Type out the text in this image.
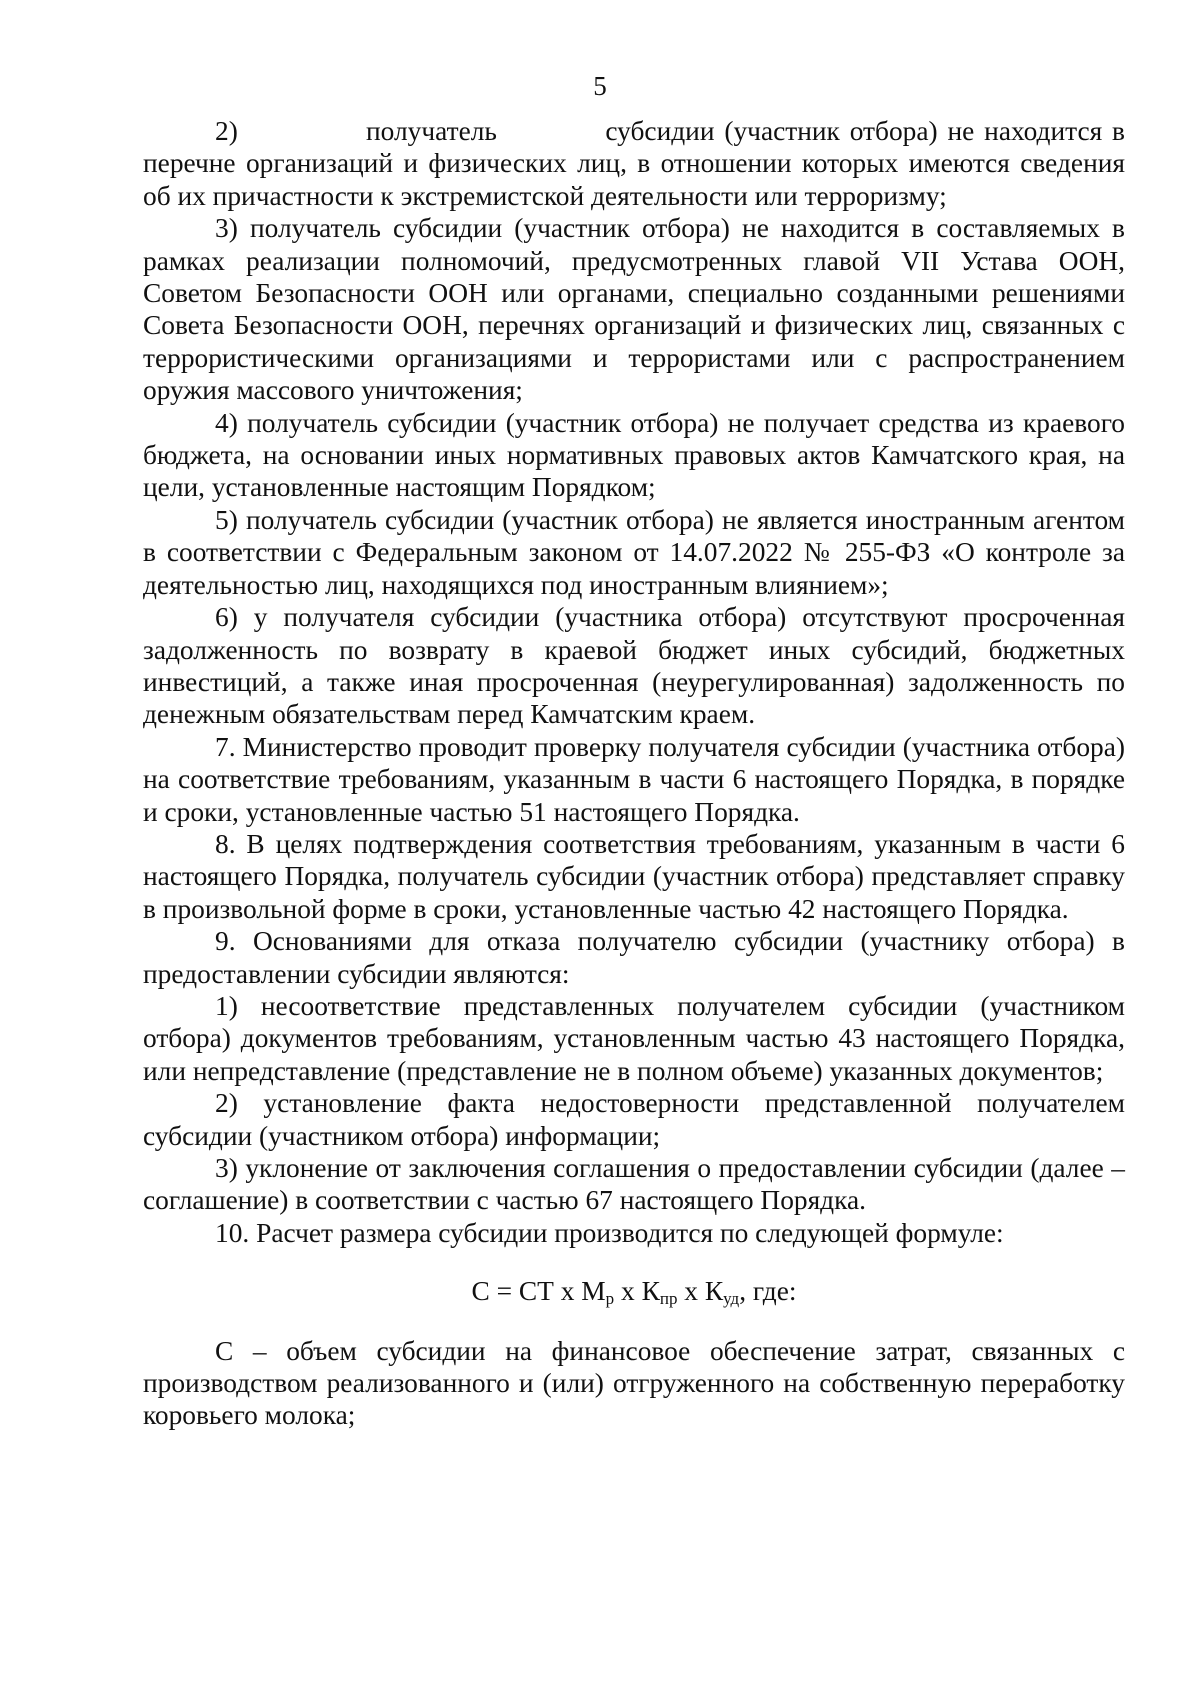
5

2)             получатель           субсидии (участник отбора) не находится в перечне организаций и физических лиц, в отношении которых имеются сведения об их причастности к экстремистской деятельности или терроризму;

3) получатель субсидии (участник отбора) не находится в составляемых в рамках реализации полномочий, предусмотренных главой VII Устава ООН, Советом Безопасности ООН или органами, специально созданными решениями Совета Безопасности ООН, перечнях организаций и физических лиц, связанных с террористическими организациями и террористами или с распространением оружия массового уничтожения;

4) получатель субсидии (участник отбора) не получает средства из краевого бюджета, на основании иных нормативных правовых актов Камчатского края, на цели, установленные настоящим Порядком;

5) получатель субсидии (участник отбора) не является иностранным агентом в соответствии с Федеральным законом от 14.07.2022 № 255-ФЗ «О контроле за деятельностью лиц, находящихся под иностранным влиянием»;

6) у получателя субсидии (участника отбора) отсутствуют просроченная задолженность по возврату в краевой бюджет иных субсидий, бюджетных инвестиций, а также иная просроченная (неурегулированная) задолженность по денежным обязательствам перед Камчатским краем.

7. Министерство проводит проверку получателя субсидии (участника отбора) на соответствие требованиям, указанным в части 6 настоящего Порядка, в порядке и сроки, установленные частью 51 настоящего Порядка.

8. В целях подтверждения соответствия требованиям, указанным в части 6 настоящего Порядка, получатель субсидии (участник отбора) представляет справку в произвольной форме в сроки, установленные частью 42 настоящего Порядка.

9. Основаниями для отказа получателю субсидии (участнику отбора) в предоставлении субсидии являются:

1) несоответствие представленных получателем субсидии (участником отбора) документов требованиям, установленным частью 43 настоящего Порядка, или непредставление (представление не в полном объеме) указанных документов;

2) установление факта недостоверности представленной получателем субсидии (участником отбора) информации;

3) уклонение от заключения соглашения о предоставлении субсидии (далее – соглашение) в соответствии с частью 67 настоящего Порядка.

10. Расчет размера субсидии производится по следующей формуле:

С = СТ х $М_р$ х $К_{пр}$ х $К_{уд}$, где:

С – объем субсидии на финансовое обеспечение затрат, связанных с производством реализованного и (или) отгруженного на собственную переработку коровьего молока;
